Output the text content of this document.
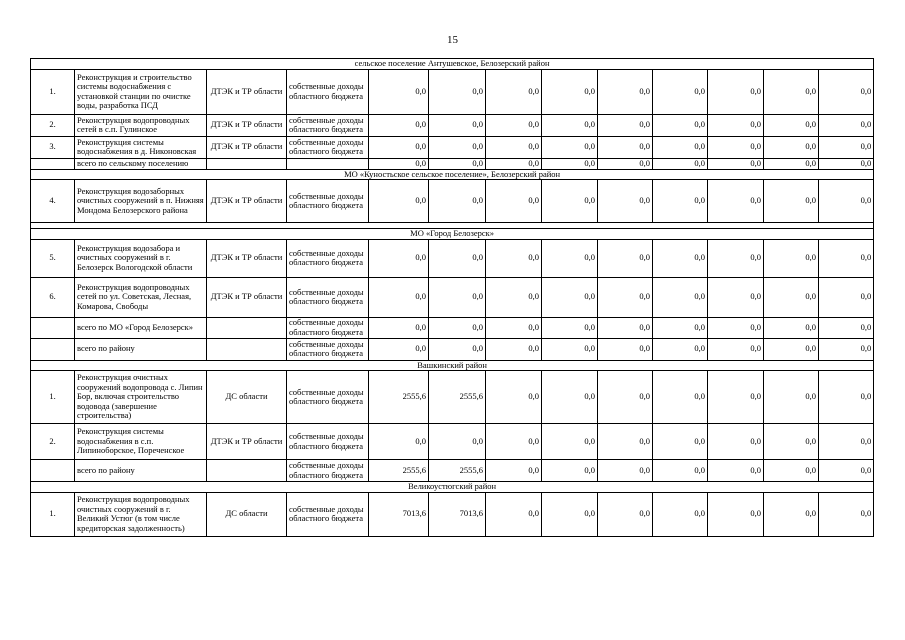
15
сельское поселение Антушевское, Белозерский район												
1.	Реконструкция и строительство системы водоснабжения с установкой станции по очистке воды, разработка ПСД	ДТЭК и ТР области	собственные доходы областного бюджета	0,0	0,0	0,0	0,0	0,0	0,0	0,0	0,0	0,0
2.	Реконструкция водопроводных сетей в с.п. Гулинское	ДТЭК и ТР области	собственные доходы областного бюджета	0,0	0,0	0,0	0,0	0,0	0,0	0,0	0,0	0,0
3.	Реконструкция системы водоснабжения в д. Никоновская	ДТЭК и ТР области	собственные доходы областного бюджета	0,0	0,0	0,0	0,0	0,0	0,0	0,0	0,0	0,0
	всего по сельскому поселению			0,0	0,0	0,0	0,0	0,0	0,0	0,0	0,0	0,0
МО «Куностьское сельское поселение», Белозерский район												
4.	Реконструкция водозаборных очистных сооружений в п. Нижняя Мондома Белозерского района	ДТЭК и ТР области	собственные доходы областного бюджета	0,0	0,0	0,0	0,0	0,0	0,0	0,0	0,0	0,0

МО «Город Белозерск»												
5.	Реконструкция водозабора и очистных сооружений в г. Белозерск Вологодской области	ДТЭК и ТР области	собственные доходы областного бюджета	0,0	0,0	0,0	0,0	0,0	0,0	0,0	0,0	0,0
6.	Реконструкция водопроводных сетей по ул. Советская, Лесная, Комарова, Свободы	ДТЭК и ТР области	собственные доходы областного бюджета	0,0	0,0	0,0	0,0	0,0	0,0	0,0	0,0	0,0
	всего по МО «Город Белозерск»		собственные доходы областного бюджета	0,0	0,0	0,0	0,0	0,0	0,0	0,0	0,0	0,0
	всего по району		собственные доходы областного бюджета	0,0	0,0	0,0	0,0	0,0	0,0	0,0	0,0	0,0
Вашкинский район												
1.	Реконструкция очистных сооружений водопровода с. Липин Бор, включая строительство водовода (завершение строительства)	ДС области	собственные доходы областного бюджета	2555,6	2555,6	0,0	0,0	0,0	0,0	0,0	0,0	0,0
2.	Реконструкция системы водоснабжения в с.п. Липиноборское, Пореченское	ДТЭК и ТР области	собственные доходы областного бюджета	0,0	0,0	0,0	0,0	0,0	0,0	0,0	0,0	0,0
	всего по району		собственные доходы областного бюджета	2555,6	2555,6	0,0	0,0	0,0	0,0	0,0	0,0	0,0
Великоустюгский район												
1.	Реконструкция водопроводных очистных сооружений в г. Великий Устюг (в том числе кредиторская задолженность)	ДС области	собственные доходы областного бюджета	7013,6	7013,6	0,0	0,0	0,0	0,0	0,0	0,0	0,0
